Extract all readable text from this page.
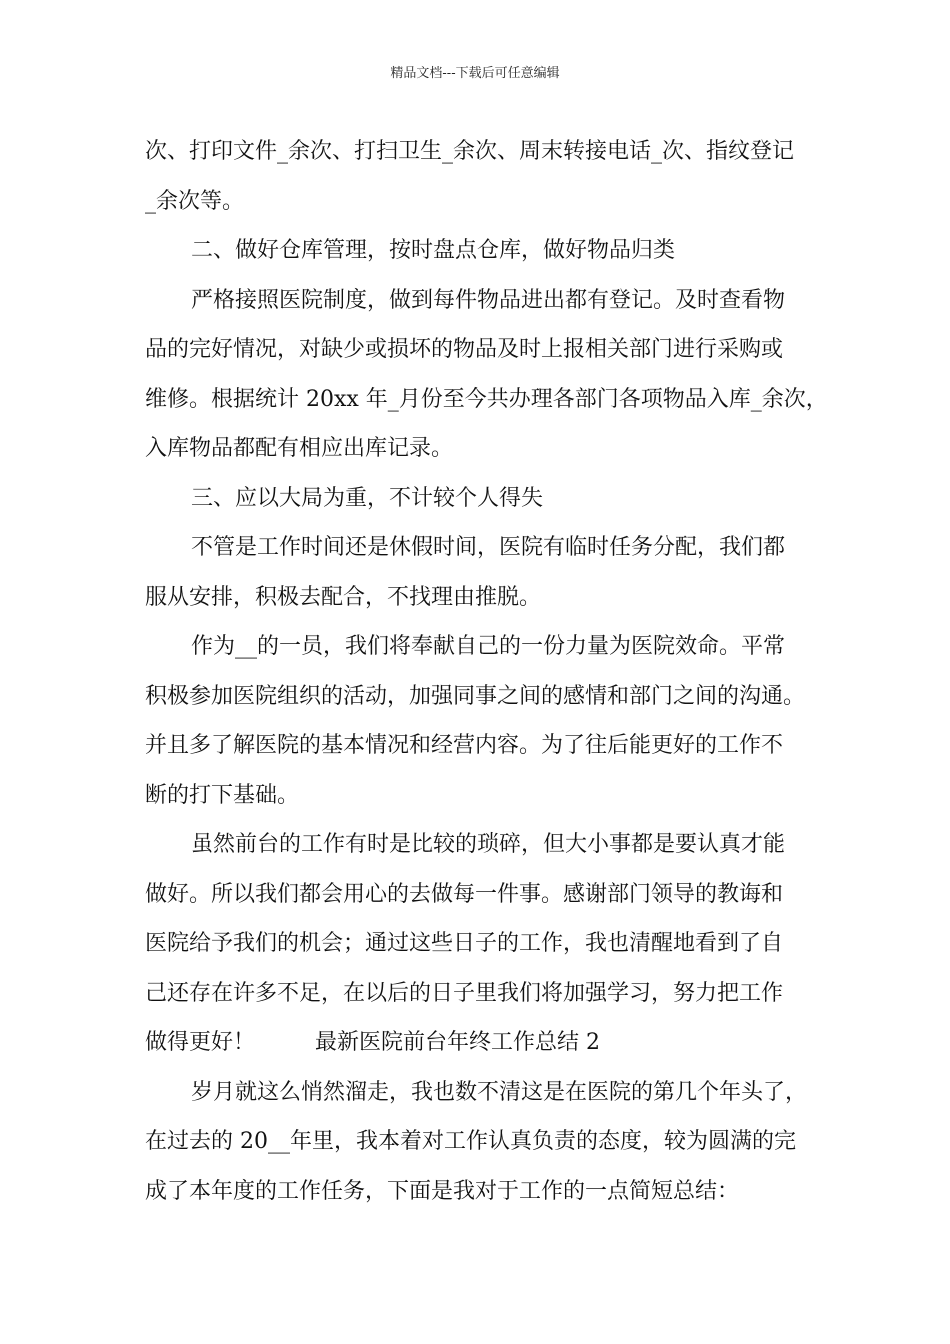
精品文档---下载后可任意编辑
次、打印文件_余次、打扫卫生_余次、周末转接电话_次、指纹登记
_余次等。
二、做好仓库管理，按时盘点仓库，做好物品归类
严格接照医院制度，做到每件物品进出都有登记。及时查看物
品的完好情况，对缺少或损坏的物品及时上报相关部门进行采购或
维修。根据统计 20xx 年_月份至今共办理各部门各项物品入库_余次，
入库物品都配有相应出库记录。
三、应以大局为重，不计较个人得失
不管是工作时间还是休假时间，医院有临时任务分配，我们都
服从安排，积极去配合，不找理由推脱。
作为__的一员，我们将奉献自己的一份力量为医院效命。平常
积极参加医院组织的活动，加强同事之间的感情和部门之间的沟通。
并且多了解医院的基本情况和经营内容。为了往后能更好的工作不
断的打下基础。
虽然前台的工作有时是比较的琐碎，但大小事都是要认真才能
做好。所以我们都会用心的去做每一件事。感谢部门领导的教诲和
医院给予我们的机会；通过这些日子的工作，我也清醒地看到了自
己还存在许多不足，在以后的日子里我们将加强学习，努力把工作
做得更好！	最新医院前台年终工作总结 2
岁月就这么悄然溜走，我也数不清这是在医院的第几个年头了，
在过去的 20__年里，我本着对工作认真负责的态度，较为圆满的完
成了本年度的工作任务，下面是我对于工作的一点简短总结：
